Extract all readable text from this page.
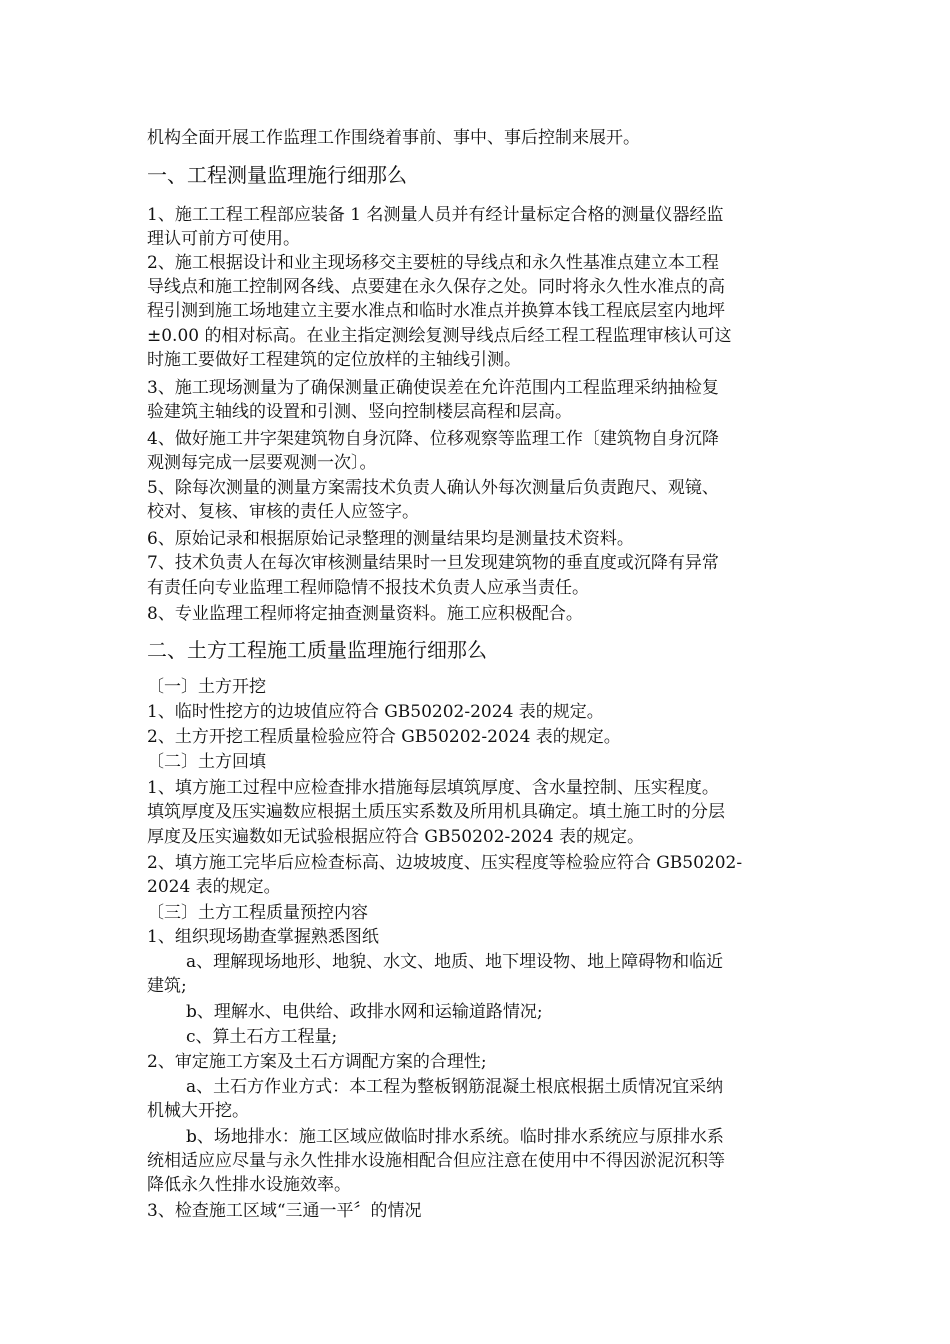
机构全面开展工作监理工作围绕着事前、事中、事后控制来展开。
一、工程测量监理施行细那么
1、施工工程工程部应装备 1 名测量人员并有经计量标定合格的测量仪器经监
理认可前方可使用。
2、施工根据设计和业主现场移交主要桩的导线点和永久性基准点建立本工程
导线点和施工控制网各线、点要建在永久保存之处。同时将永久性水准点的高
程引测到施工场地建立主要水准点和临时水准点并换算本钱工程底层室内地坪
±0.00 的相对标高。在业主指定测绘复测导线点后经工程工程监理审核认可这
时施工要做好工程建筑的定位放样的主轴线引测。
3、施工现场测量为了确保测量正确使误差在允许范围内工程监理采纳抽检复
验建筑主轴线的设置和引测、竖向控制楼层高程和层高。
4、做好施工井字架建筑物自身沉降、位移观察等监理工作〔建筑物自身沉降
观测每完成一层要观测一次〕。
5、除每次测量的测量方案需技术负责人确认外每次测量后负责跑尺、观镜、
校对、复核、审核的责任人应签字。
6、原始记录和根据原始记录整理的测量结果均是测量技术资料。
7、技术负责人在每次审核测量结果时一旦发现建筑物的垂直度或沉降有异常
有责任向专业监理工程师隐情不报技术负责人应承当责任。
8、专业监理工程师将定抽查测量资料。施工应积极配合。
二、土方工程施工质量监理施行细那么
〔一〕土方开挖
1、临时性挖方的边坡值应符合 GB50202-2024 表的规定。
2、土方开挖工程质量检验应符合 GB50202-2024 表的规定。
〔二〕土方回填
1、填方施工过程中应检查排水措施每层填筑厚度、含水量控制、压实程度。
填筑厚度及压实遍数应根据土质压实系数及所用机具确定。填土施工时的分层
厚度及压实遍数如无试验根据应符合 GB50202-2024 表的规定。
2、填方施工完毕后应检查标高、边坡坡度、压实程度等检验应符合 GB50202-
2024 表的规定。
〔三〕土方工程质量预控内容
1、组织现场勘查掌握熟悉图纸
a、理解现场地形、地貌、水文、地质、地下埋设物、地上障碍物和临近
建筑;
b、理解水、电供给、政排水网和运输道路情况;
c、算土石方工程量;
2、审定施工方案及土石方调配方案的合理性;
a、土石方作业方式：本工程为整板钢筋混凝土根底根据土质情况宜采纳
机械大开挖。
b、场地排水：施工区域应做临时排水系统。临时排水系统应与原排水系
统相适应应尽量与永久性排水设施相配合但应注意在使用中不得因淤泥沉积等
降低永久性排水设施效率。
3、检查施工区域“三通一平〞的情况
